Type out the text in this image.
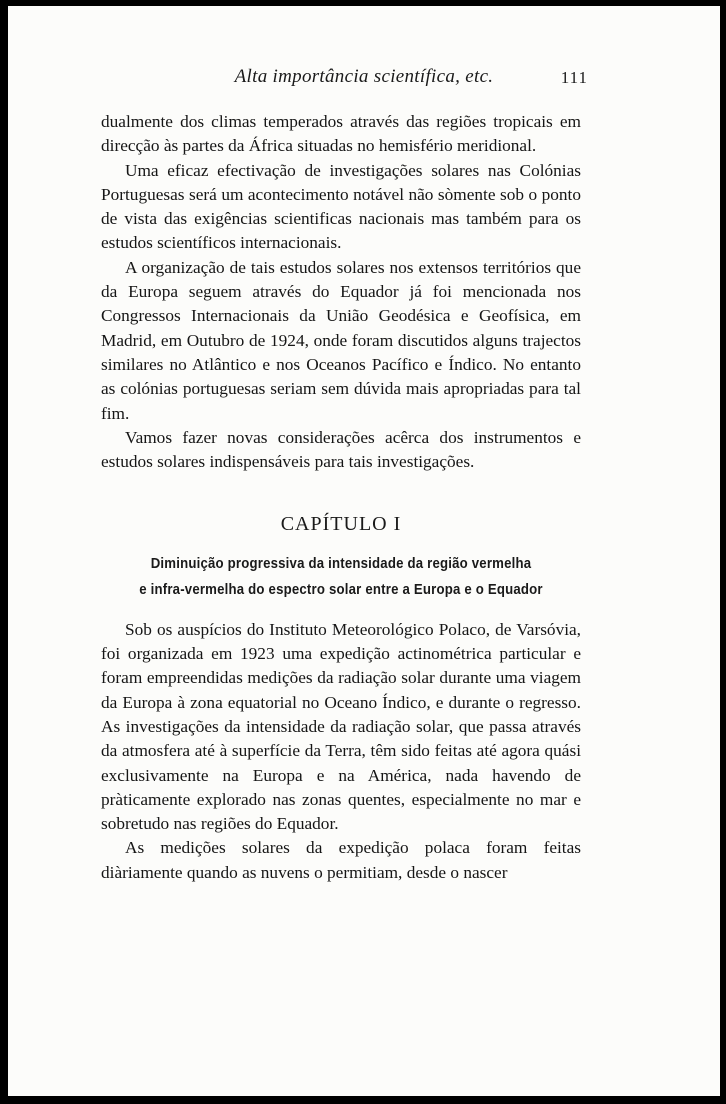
Alta importância scientífica, etc.	111

dualmente dos climas temperados através das regiões tropicais em direcção às partes da África situadas no hemisfério meridional.

Uma eficaz efectivação de investigações solares nas Colónias Portuguesas será um acontecimento notável não sòmente sob o ponto de vista das exigências scientificas nacionais mas também para os estudos scientíficos internacionais.

A organização de tais estudos solares nos extensos territórios que da Europa seguem através do Equador já foi mencionada nos Congressos Internacionais da União Geodésica e Geofísica, em Madrid, em Outubro de 1924, onde foram discutidos alguns trajectos similares no Atlântico e nos Oceanos Pacífico e Índico. No entanto as colónias portuguesas seriam sem dúvida mais apropriadas para tal fim.

Vamos fazer novas considerações acêrca dos instrumentos e estudos solares indispensáveis para tais investigações.

CAPÍTULO I
Diminuição progressiva da intensidade da região vermelha
e infra-vermelha do espectro solar entre a Europa e o Equador

Sob os auspícios do Instituto Meteorológico Polaco, de Varsóvia, foi organizada em 1923 uma expedição actinométrica particular e foram empreendidas medições da radiação solar durante uma viagem da Europa à zona equatorial no Oceano Índico, e durante o regresso. As investigações da intensidade da radiação solar, que passa através da atmosfera até à superfície da Terra, têm sido feitas até agora quási exclusivamente na Europa e na América, nada havendo de pràticamente explorado nas zonas quentes, especialmente no mar e sobretudo nas regiões do Equador.

As medições solares da expedição polaca foram feitas diàriamente quando as nuvens o permitiam, desde o nascer
